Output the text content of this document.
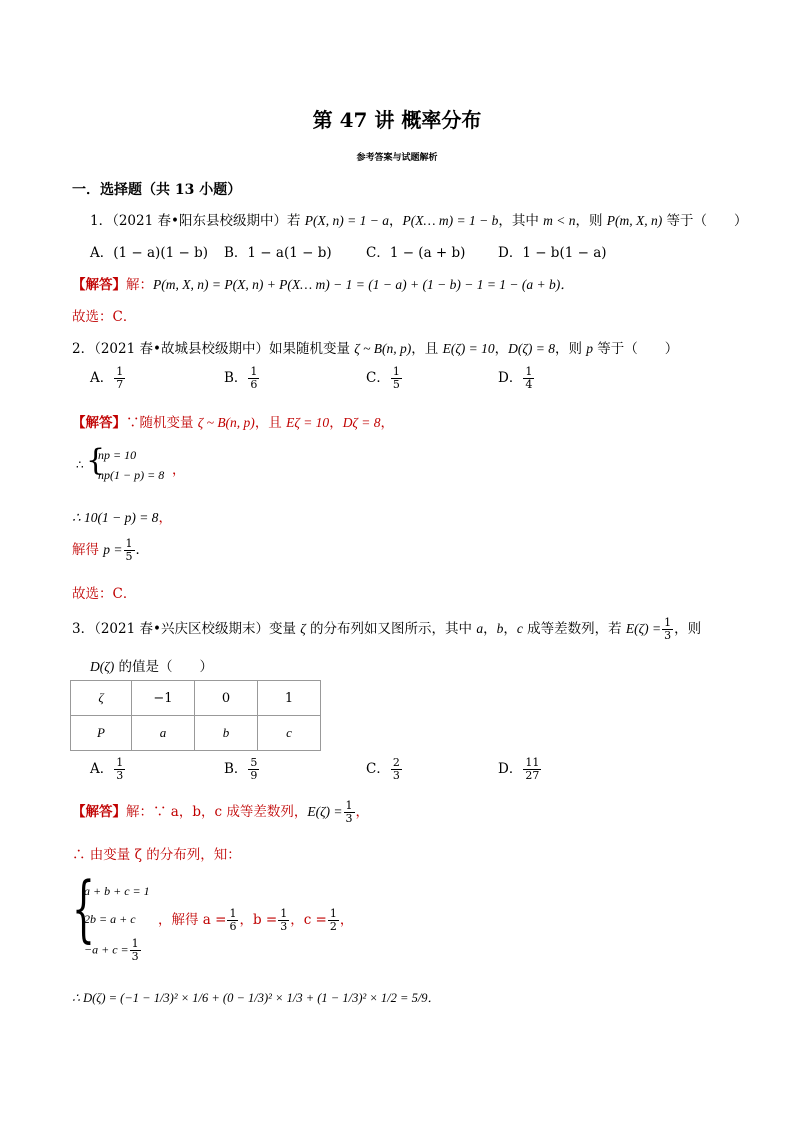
第 47 讲 概率分布
参考答案与试题解析
一．选择题（共 13 小题）
1．（2021 春•阳东县校级期中）若 P(X, n) = 1 − a，P(X… m) = 1 − b，其中 m < n，则 P(m, X, n) 等于（　　）
A．(1 − a)(1 − b) B．1 − a(1 − b)	C．1 − (a + b) D．1 − b(1 − a)
【解答】解：P(m, X, n) = P(X, n) + P(X… m) − 1 = (1 − a) + (1 − b) − 1 = 1 − (a + b)．
故选：C．
2．（2021 春•故城县校级期中）如果随机变量 ζ ~ B(n, p)，且 E(ζ) = 10，D(ζ) = 8，则 p 等于（　　）
A． $\frac{1}{7}$	B． $\frac{1}{6}$	C． $\frac{1}{5}$	D． $\frac{1}{4}$
【解答】∵随机变量 ζ ~ B(n, p)，且 Eζ = 10，Dζ = 8，
∴ {
np = 10
np(1 − p) = 8 ，
∴ 10(1 − p) = 8，
解得 $p = \frac{1}{5}$ ．
故选：C．
3．（2021 春•兴庆区校级期末）变量 ζ 的分布列如又图所示，其中 a，b，c 成等差数列，若 $E(\zeta) = \frac{1}{3}$ ，则
D(ζ) 的值是（　　）
ζ	−1	0	1
P	a	b	c
A． $\frac{1}{3}$	B． $\frac{5}{9}$	C． $\frac{2}{3}$	D． $\frac{11}{27}$
【解答】解：∵ a，b，c 成等差数列，$E(\zeta) = \frac{1}{3}$ ，
∴ 由变量 ζ 的分布列，知：
{
a + b + c = 1
2b = a + c
$-a + c = \frac{1}{3}$
，解得 $a = \frac{1}{6}$ ，$b = \frac{1}{3}$ ，$c = \frac{1}{2}$ ，
∴ D(ζ) = (−1 − 1/3)² × 1/6 + (0 − 1/3)² × 1/3 + (1 − 1/3)² × 1/2 = 5/9．
